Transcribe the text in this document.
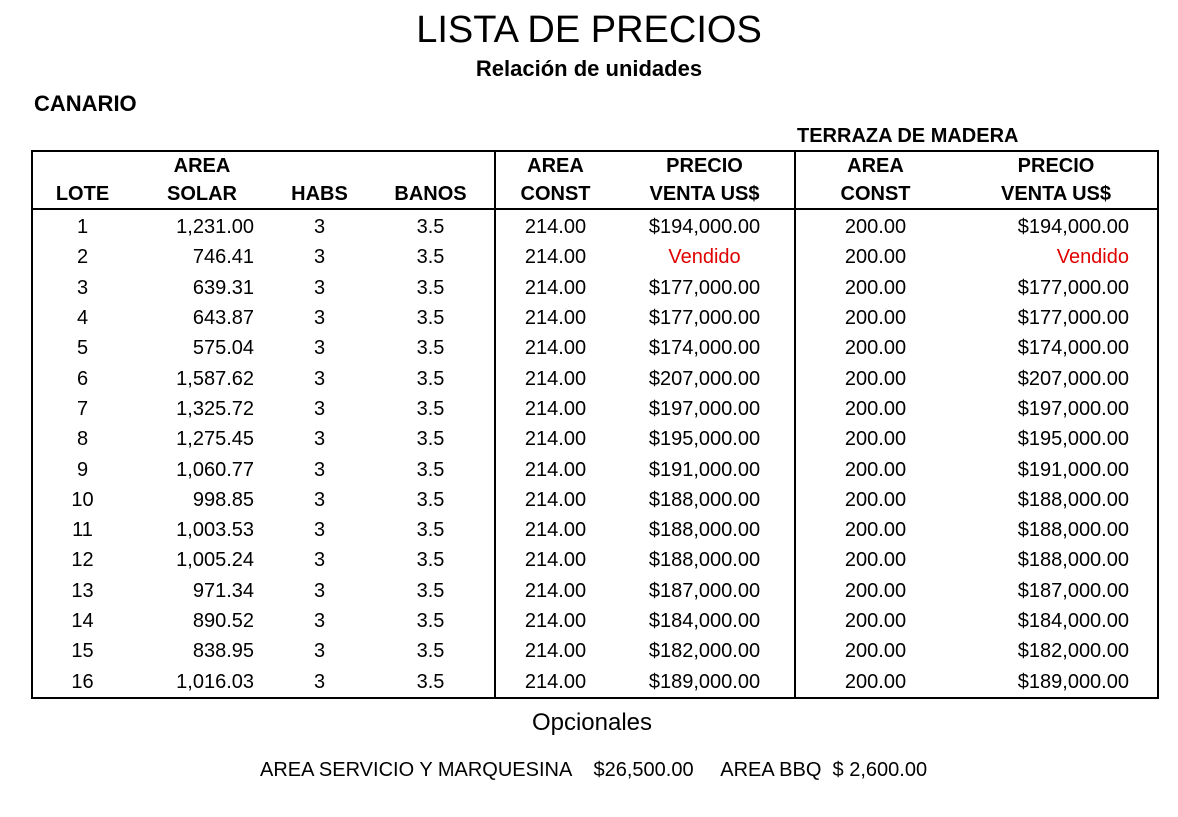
LISTA DE PRECIOS
Relación de unidades
CANARIO
TERRAZA DE MADERA
	AREA			AREA	PRECIO	AREA	PRECIO
LOTE	SOLAR	HABS	BANOS	CONST	VENTA US$	CONST	VENTA US$
1	1,231.00	3	3.5	214.00	$194,000.00	200.00	$194,000.00
2	746.41	3	3.5	214.00	Vendido	200.00	Vendido
3	639.31	3	3.5	214.00	$177,000.00	200.00	$177,000.00
4	643.87	3	3.5	214.00	$177,000.00	200.00	$177,000.00
5	575.04	3	3.5	214.00	$174,000.00	200.00	$174,000.00
6	1,587.62	3	3.5	214.00	$207,000.00	200.00	$207,000.00
7	1,325.72	3	3.5	214.00	$197,000.00	200.00	$197,000.00
8	1,275.45	3	3.5	214.00	$195,000.00	200.00	$195,000.00
9	1,060.77	3	3.5	214.00	$191,000.00	200.00	$191,000.00
10	998.85	3	3.5	214.00	$188,000.00	200.00	$188,000.00
11	1,003.53	3	3.5	214.00	$188,000.00	200.00	$188,000.00
12	1,005.24	3	3.5	214.00	$188,000.00	200.00	$188,000.00
13	971.34	3	3.5	214.00	$187,000.00	200.00	$187,000.00
14	890.52	3	3.5	214.00	$184,000.00	200.00	$184,000.00
15	838.95	3	3.5	214.00	$182,000.00	200.00	$182,000.00
16	1,016.03	3	3.5	214.00	$189,000.00	200.00	$189,000.00
Opcionales
AREA SERVICIO Y MARQUESINA $26,500.00 AREA BBQ $ 2,600.00
